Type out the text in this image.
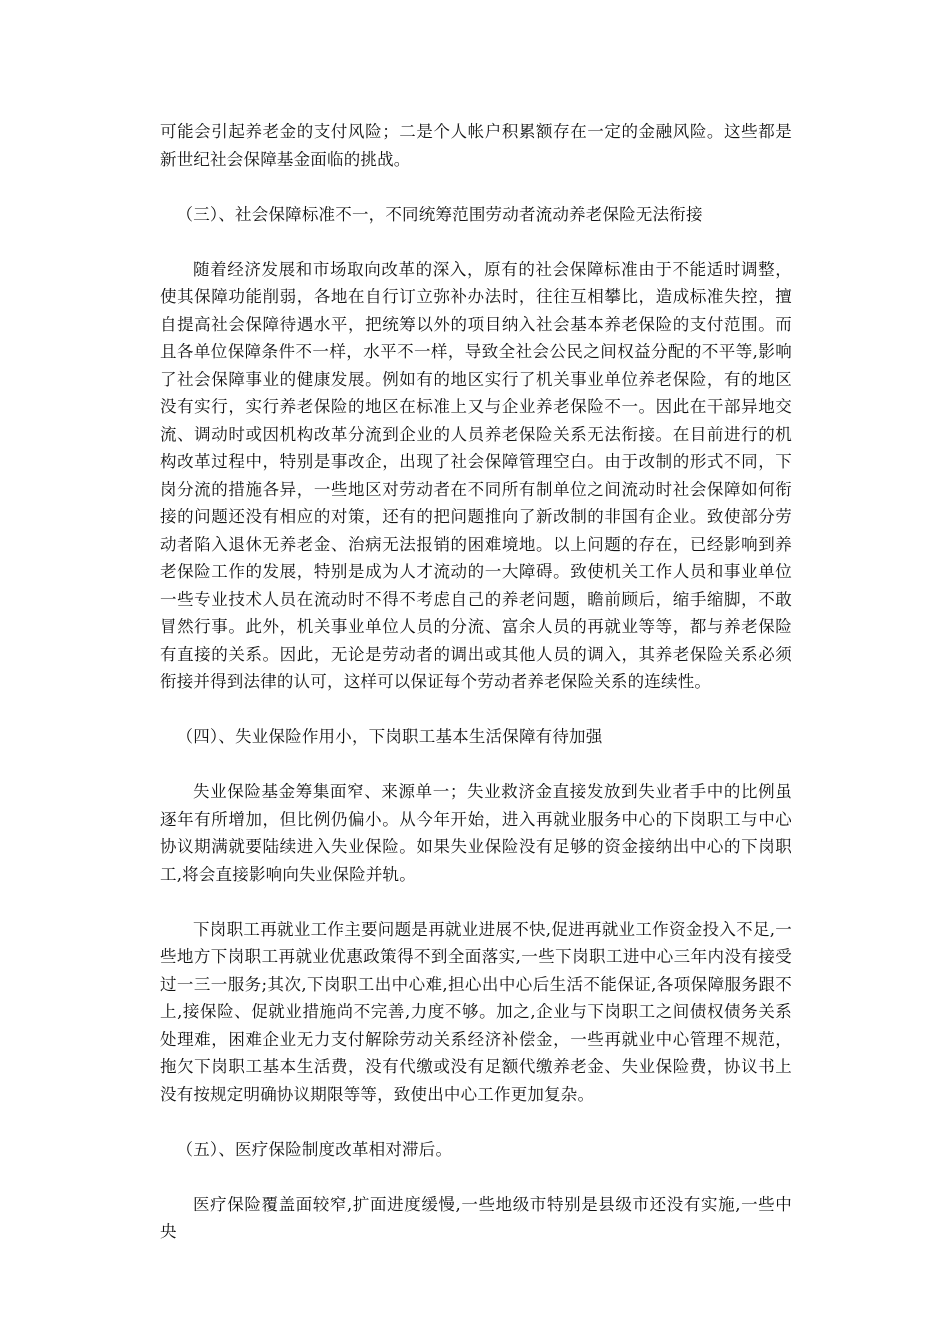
可能会引起养老金的支付风险；二是个人帐户积累额存在一定的金融风险。这些都是新世纪社会保障基金面临的挑战。

（三）、社会保障标准不一，不同统筹范围劳动者流动养老保险无法衔接

随着经济发展和市场取向改革的深入，原有的社会保障标准由于不能适时调整，使其保障功能削弱，各地在自行订立弥补办法时，往往互相攀比，造成标准失控，擅自提高社会保障待遇水平，把统筹以外的项目纳入社会基本养老保险的支付范围。而且各单位保障条件不一样，水平不一样，导致全社会公民之间权益分配的不平等,影响了社会保障事业的健康发展。例如有的地区实行了机关事业单位养老保险，有的地区没有实行，实行养老保险的地区在标准上又与企业养老保险不一。因此在干部异地交流、调动时或因机构改革分流到企业的人员养老保险关系无法衔接。在目前进行的机构改革过程中，特别是事改企，出现了社会保障管理空白。由于改制的形式不同，下岗分流的措施各异，一些地区对劳动者在不同所有制单位之间流动时社会保障如何衔接的问题还没有相应的对策，还有的把问题推向了新改制的非国有企业。致使部分劳动者陷入退休无养老金、治病无法报销的困难境地。以上问题的存在，已经影响到养老保险工作的发展，特别是成为人才流动的一大障碍。致使机关工作人员和事业单位一些专业技术人员在流动时不得不考虑自己的养老问题，瞻前顾后，缩手缩脚，不敢冒然行事。此外，机关事业单位人员的分流、富余人员的再就业等等，都与养老保险有直接的关系。因此，无论是劳动者的调出或其他人员的调入，其养老保险关系必须衔接并得到法律的认可，这样可以保证每个劳动者养老保险关系的连续性。

（四）、失业保险作用小，下岗职工基本生活保障有待加强

失业保险基金筹集面窄、来源单一；失业救济金直接发放到失业者手中的比例虽逐年有所增加，但比例仍偏小。从今年开始，进入再就业服务中心的下岗职工与中心协议期满就要陆续进入失业保险。如果失业保险没有足够的资金接纳出中心的下岗职工,将会直接影响向失业保险并轨。

下岗职工再就业工作主要问题是再就业进展不快,促进再就业工作资金投入不足,一些地方下岗职工再就业优惠政策得不到全面落实,一些下岗职工进中心三年内没有接受过一三一服务;其次,下岗职工出中心难,担心出中心后生活不能保证,各项保障服务跟不上,接保险、促就业措施尚不完善,力度不够。加之,企业与下岗职工之间债权债务关系处理难，困难企业无力支付解除劳动关系经济补偿金，一些再就业中心管理不规范，拖欠下岗职工基本生活费，没有代缴或没有足额代缴养老金、失业保险费，协议书上没有按规定明确协议期限等等，致使出中心工作更加复杂。

（五）、医疗保险制度改革相对滞后。

医疗保险覆盖面较窄,扩面进度缓慢,一些地级市特别是县级市还没有实施,一些中央
